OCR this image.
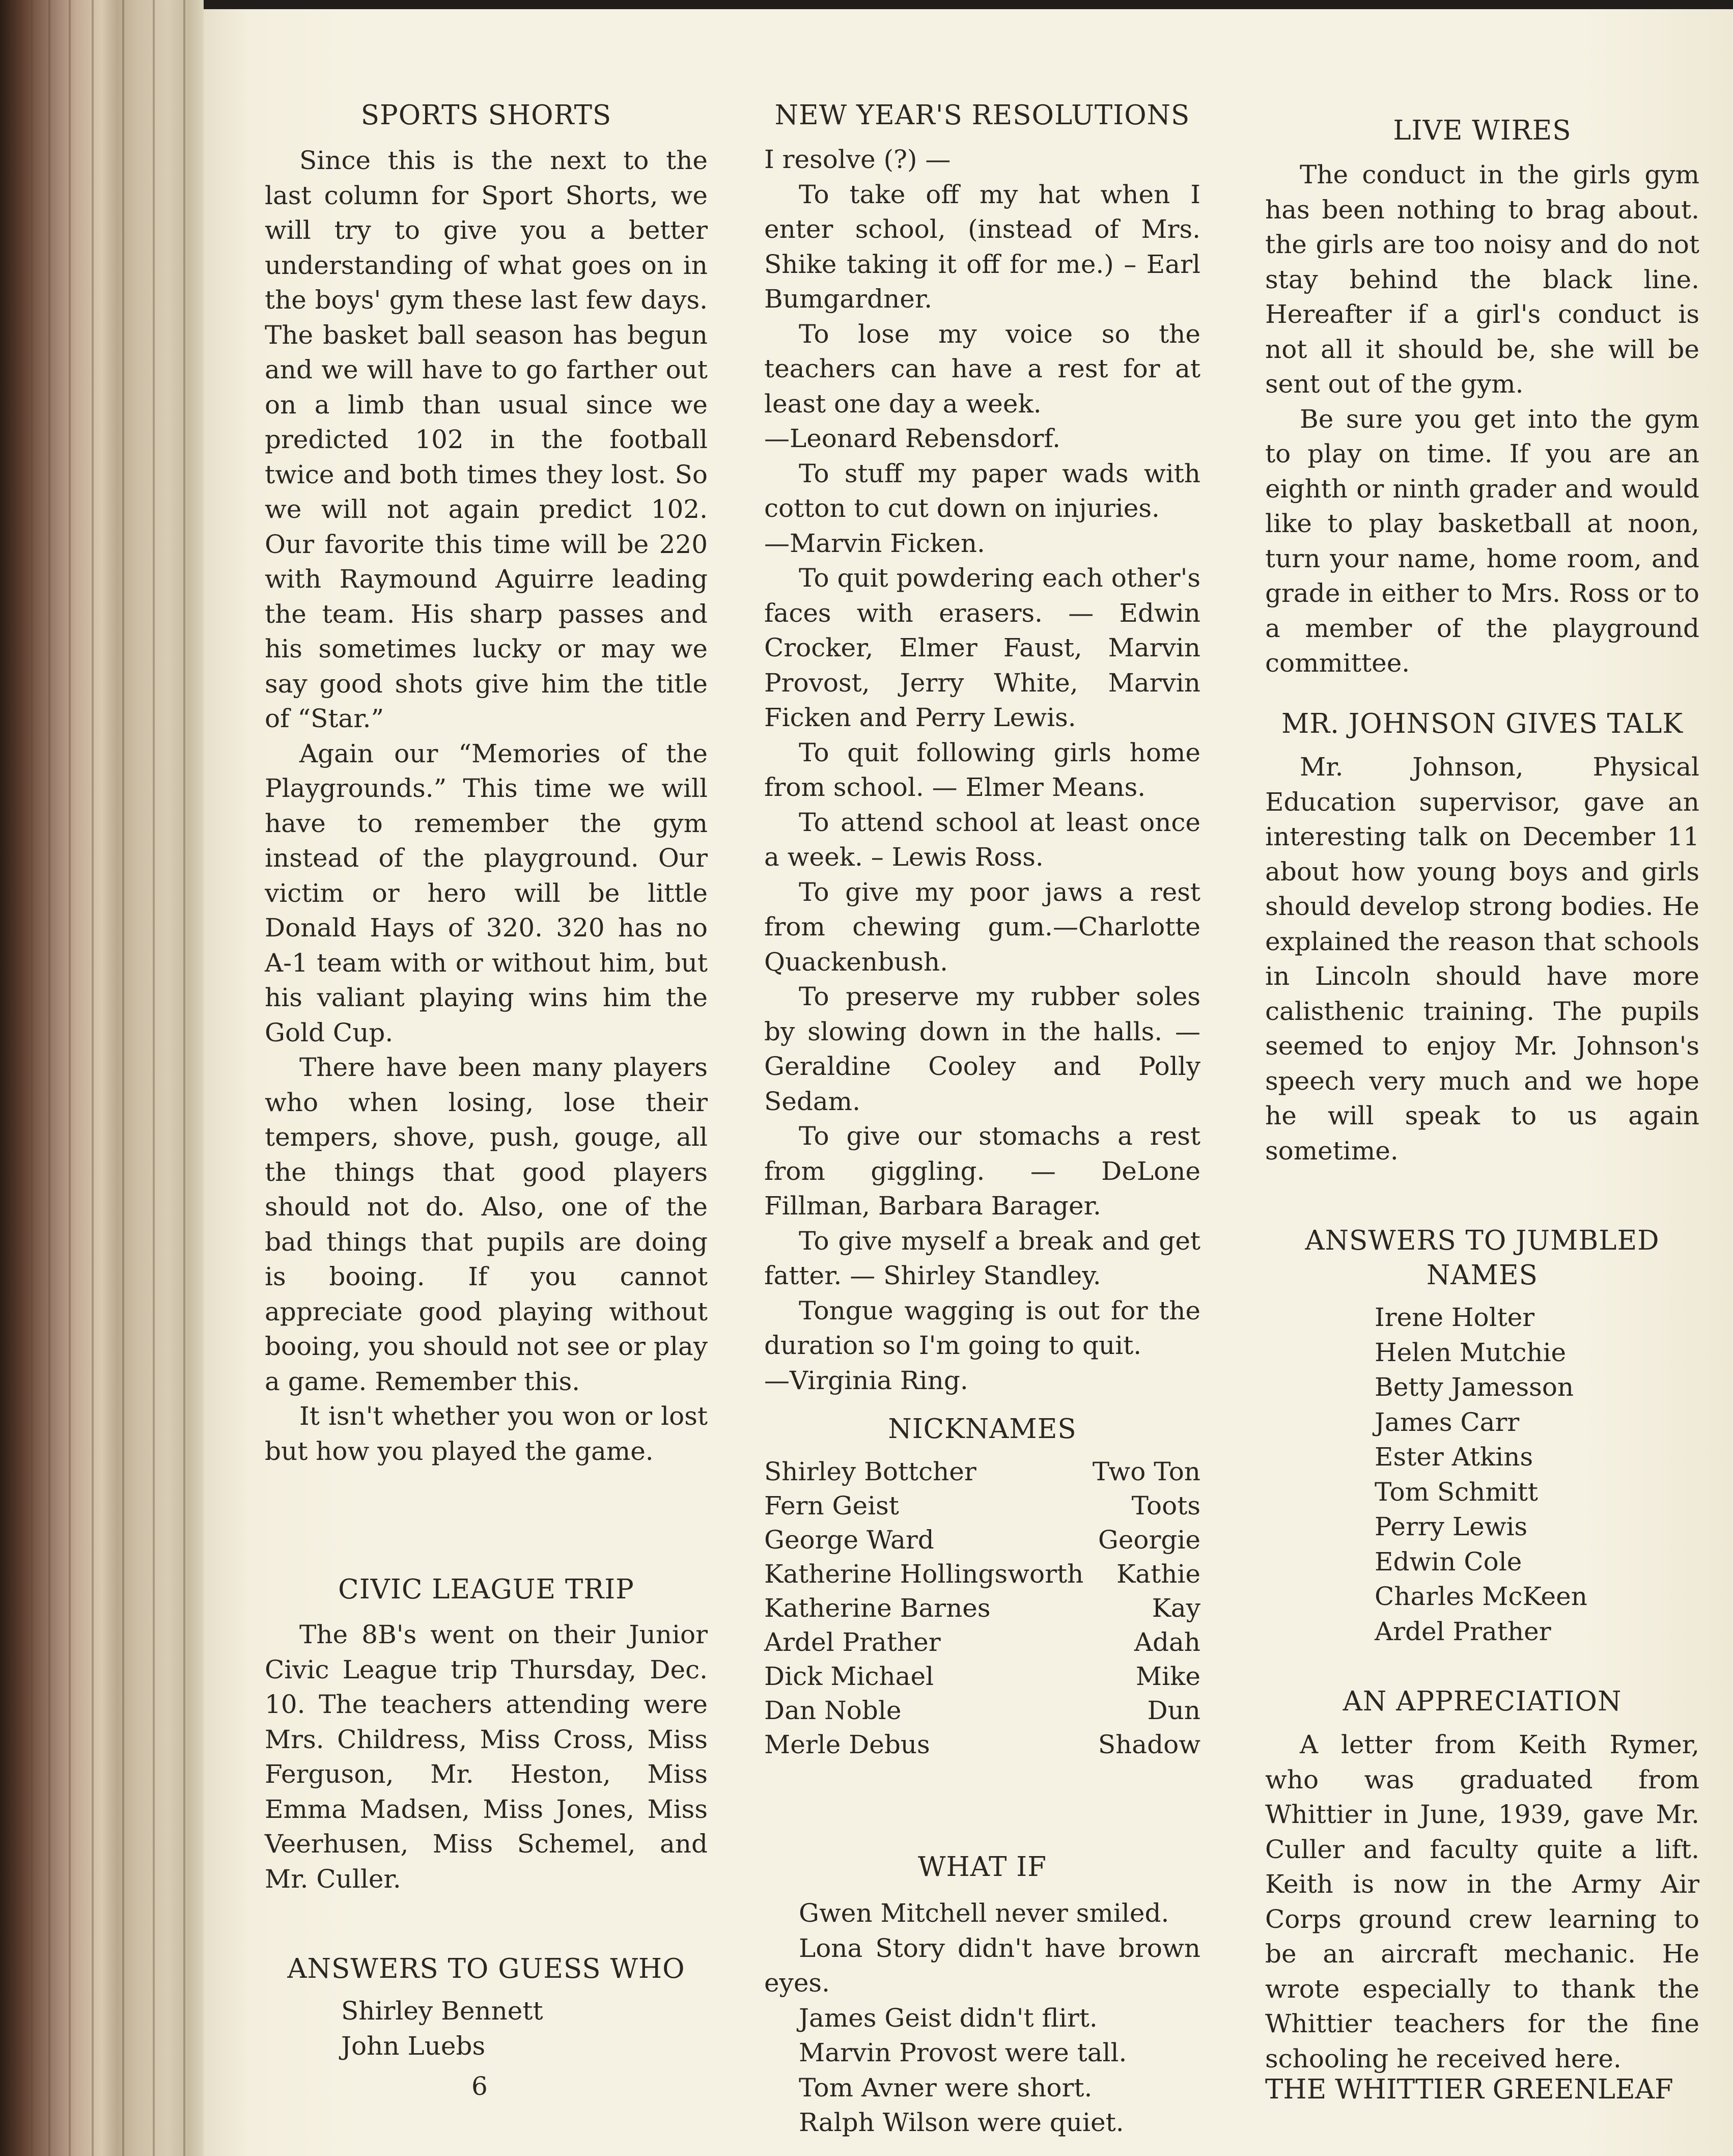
SPORTS SHORTS

Since this is the next to the last column for Sport Shorts, we will try to give you a better understanding of what goes on in the boys' gym these last few days. The basket ball season has begun and we will have to go farther out on a limb than usual since we predicted 102 in the football twice and both times they lost. So we will not again predict 102. Our favorite this time will be 220 with Raymound Aguirre leading the team. His sharp passes and his sometimes lucky or may we say good shots give him the title of “Star.”

Again our “Memories of the Playgrounds.” This time we will have to remember the gym instead of the playground. Our victim or hero will be little Donald Hays of 320. 320 has no A-1 team with or without him, but his valiant playing wins him the Gold Cup.

There have been many players who when losing, lose their tempers, shove, push, gouge, all the things that good players should not do. Also, one of the bad things that pupils are doing is booing. If you cannot appreciate good playing without booing, you should not see or play a game. Remember this.

It isn't whether you won or lost but how you played the game.

CIVIC LEAGUE TRIP

The 8B's went on their Junior Civic League trip Thursday, Dec. 10. The teachers attending were Mrs. Childress, Miss Cross, Miss Ferguson, Mr. Heston, Miss Emma Madsen, Miss Jones, Miss Veerhusen, Miss Schemel, and Mr. Culler.

ANSWERS TO GUESS WHO
Shirley Bennett
John Luebs
NEW YEAR'S RESOLUTIONS

I resolve (?) —

To take off my hat when I enter school, (instead of Mrs. Shike taking it off for me.) – Earl Bumgardner.

To lose my voice so the teachers can have a rest for at least one day a week.

—Leonard Rebensdorf.

To stuff my paper wads with cotton to cut down on injuries.

—Marvin Ficken.

To quit powdering each other's faces with erasers. — Edwin Crocker, Elmer Faust, Marvin Provost, Jerry White, Marvin Ficken and Perry Lewis.

To quit following girls home from school. — Elmer Means.

To attend school at least once a week. – Lewis Ross.

To give my poor jaws a rest from chewing gum.—Charlotte Quackenbush.

To preserve my rubber soles by slowing down in the halls. — Geraldine Cooley and Polly Sedam.

To give our stomachs a rest from giggling. — DeLone Fillman, Barbara Barager.

To give myself a break and get fatter. — Shirley Standley.

Tongue wagging is out for the duration so I'm going to quit.

—Virginia Ring.

NICKNAMES
Shirley Bottcher	Two Ton
Fern Geist	Toots
George Ward	Georgie
Katherine Hollingsworth	Kathie
Katherine Barnes	Kay
Ardel Prather	Adah
Dick Michael	Mike
Dan Noble	Dun
Merle Debus	Shadow
WHAT IF

Gwen Mitchell never smiled.

Lona Story didn't have brown eyes.

James Geist didn't flirt.

Marvin Provost were tall.

Tom Avner were short.

Ralph Wilson were quiet.

LIVE WIRES

The conduct in the girls gym has been nothing to brag about. the girls are too noisy and do not stay behind the black line. Hereafter if a girl's conduct is not all it should be, she will be sent out of the gym.

Be sure you get into the gym to play on time. If you are an eighth or ninth grader and would like to play basketball at noon, turn your name, home room, and grade in either to Mrs. Ross or to a member of the playground committee.

MR. JOHNSON GIVES TALK

Mr. Johnson, Physical Education supervisor, gave an interesting talk on December 11 about how young boys and girls should develop strong bodies. He explained the reason that schools in Lincoln should have more calisthenic training. The pupils seemed to enjoy Mr. Johnson's speech very much and we hope he will speak to us again sometime.

ANSWERS TO JUMBLED
NAMES
Irene Holter
Helen Mutchie
Betty Jamesson
James Carr
Ester Atkins
Tom Schmitt
Perry Lewis
Edwin Cole
Charles McKeen
Ardel Prather
AN APPRECIATION

A letter from Keith Rymer, who was graduated from Whittier in June, 1939, gave Mr. Culler and faculty quite a lift. Keith is now in the Army Air Corps ground crew learning to be an aircraft mechanic. He wrote especially to thank the Whittier teachers for the fine schooling he received here.

6	THE WHITTIER GREENLEAF
